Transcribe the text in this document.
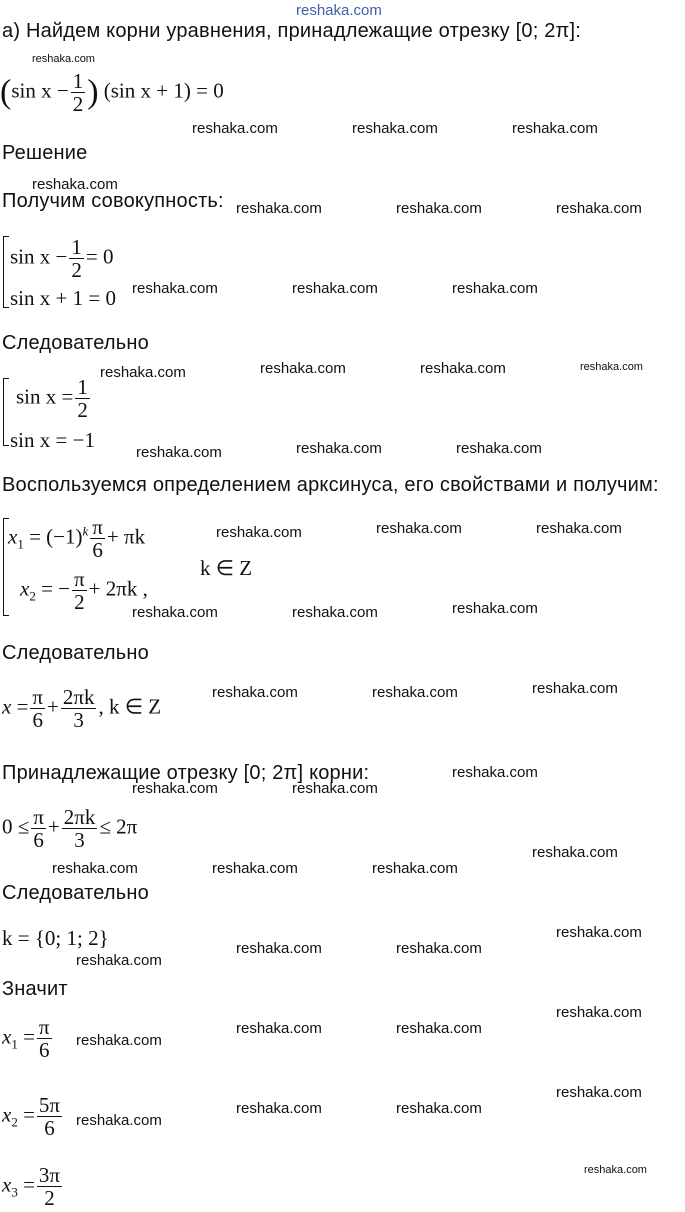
reshaka.com
а) Найдем корни уравнения, принадлежащие отрезку [0; 2π]:
reshaka.com
(sin $x - \frac{1}{2}$ ) (sin x + 1) = 0
reshaka.com	reshaka.com	reshaka.com
Решение
reshaka.com
Получим совокупность: reshaka.com	reshaka.com	reshaka.com
$\sin x - \frac{1}{2} = 0$
sin x + 1 = 0 reshaka.com	reshaka.com	reshaka.com
Следовательно
reshaka.com	reshaka.com	reshaka.com	reshaka.com
$\sin x = \frac{1}{2}$
sin x = −1
reshaka.com	reshaka.com	reshaka.com
Воспользуемся определением арксинуса, его свойствами и получим:
$x_1 = (-1)^k \frac{\pi}{6} + \pi k$
k ∈ Z
$x_2$ = − $\frac{\pi}{2} + 2\pi k$ ,
reshaka.com	reshaka.com	reshaka.com
reshaka.com	reshaka.com	reshaka.com
Следовательно
$x = \frac{\pi}{6} + \frac{2\pi k}{3}$ , k ∈ Z
reshaka.com	reshaka.com	reshaka.com
Принадлежащие отрезку [0; 2π] корни:	reshaka.com
reshaka.com	reshaka.com
$0 \le \frac{\pi}{6} + \frac{2\pi k}{3} \le 2\pi$
reshaka.com
reshaka.com	reshaka.com	reshaka.com
Следовательно
k = {0; 1; 2}	reshaka.com
reshaka.com	reshaka.com
reshaka.com
Значит
$x_1 = \frac{\pi}{6}$ reshaka.com
reshaka.com	reshaka.com
reshaka.com
$x_2 = \frac{5\pi}{6}$ reshaka.com
reshaka.com	reshaka.com
reshaka.com
$x_3 = \frac{3\pi}{2}$	reshaka.com
